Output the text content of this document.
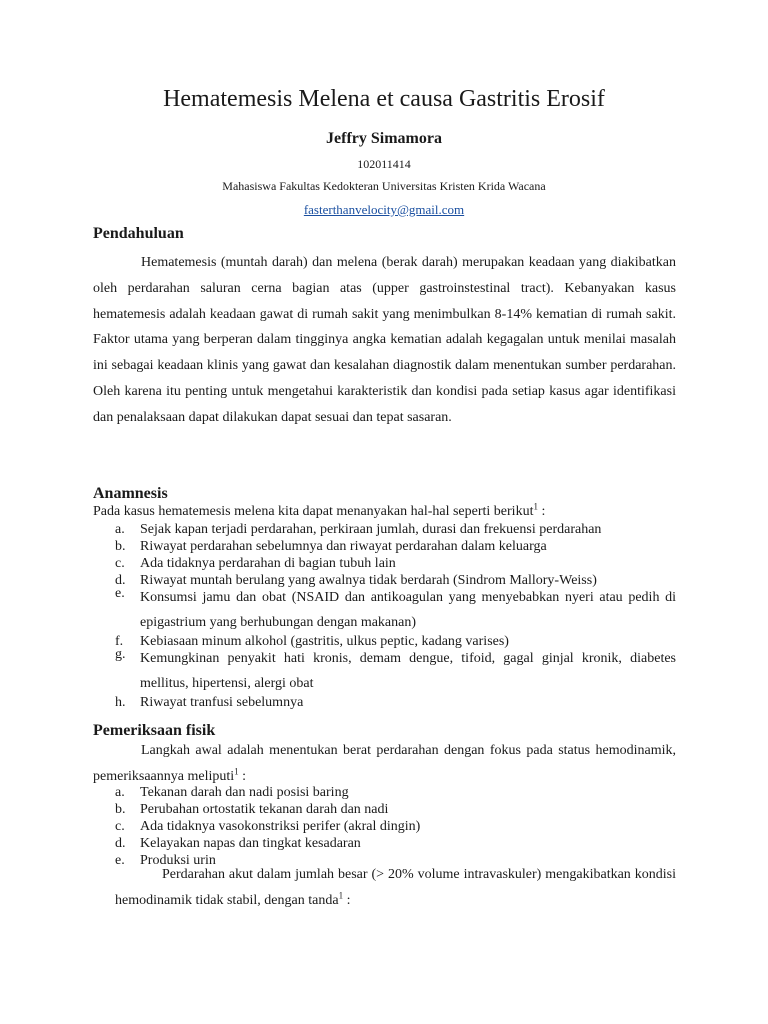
Hematemesis Melena et causa Gastritis Erosif
Jeffry Simamora
102011414
Mahasiswa Fakultas Kedokteran Universitas Kristen Krida Wacana
fasterthanvelocity@gmail.com
Pendahuluan
Hematemesis (muntah darah) dan melena (berak darah) merupakan keadaan yang diakibatkan oleh perdarahan saluran cerna bagian atas (upper gastroinstestinal tract). Kebanyakan kasus hematemesis adalah keadaan gawat di rumah sakit yang menimbulkan 8-14% kematian di rumah sakit. Faktor utama yang berperan dalam tingginya angka kematian adalah kegagalan untuk menilai masalah ini sebagai keadaan klinis yang gawat dan kesalahan diagnostik dalam menentukan sumber perdarahan. Oleh karena itu penting untuk mengetahui karakteristik dan kondisi pada setiap kasus agar identifikasi dan penalaksaan dapat dilakukan dapat sesuai dan tepat sasaran.
Anamnesis
Pada kasus hematemesis melena kita dapat menanyakan hal-hal seperti berikut$^1$ :
a. Sejak kapan terjadi perdarahan, perkiraan jumlah, durasi dan frekuensi perdarahan
b. Riwayat perdarahan sebelumnya dan riwayat perdarahan dalam keluarga
c. Ada tidaknya perdarahan di bagian tubuh lain
d. Riwayat muntah berulang yang awalnya tidak berdarah (Sindrom Mallory-Weiss)
e. Konsumsi jamu dan obat (NSAID dan antikoagulan yang menyebabkan nyeri atau pedih di epigastrium yang berhubungan dengan makanan)
f. Kebiasaan minum alkohol (gastritis, ulkus peptic, kadang varises)
g. Kemungkinan penyakit hati kronis, demam dengue, tifoid, gagal ginjal kronik, diabetes mellitus, hipertensi, alergi obat
h. Riwayat tranfusi sebelumnya
Pemeriksaan fisik
Langkah awal adalah menentukan berat perdarahan dengan fokus pada status hemodinamik, pemeriksaannya meliputi$^1$ :
a. Tekanan darah dan nadi posisi baring
b. Perubahan ortostatik tekanan darah dan nadi
c. Ada tidaknya vasokonstriksi perifer (akral dingin)
d. Kelayakan napas dan tingkat kesadaran
e. Produksi urin
Perdarahan akut dalam jumlah besar (> 20% volume intravaskuler) mengakibatkan kondisi hemodinamik tidak stabil, dengan tanda$^1$ :
